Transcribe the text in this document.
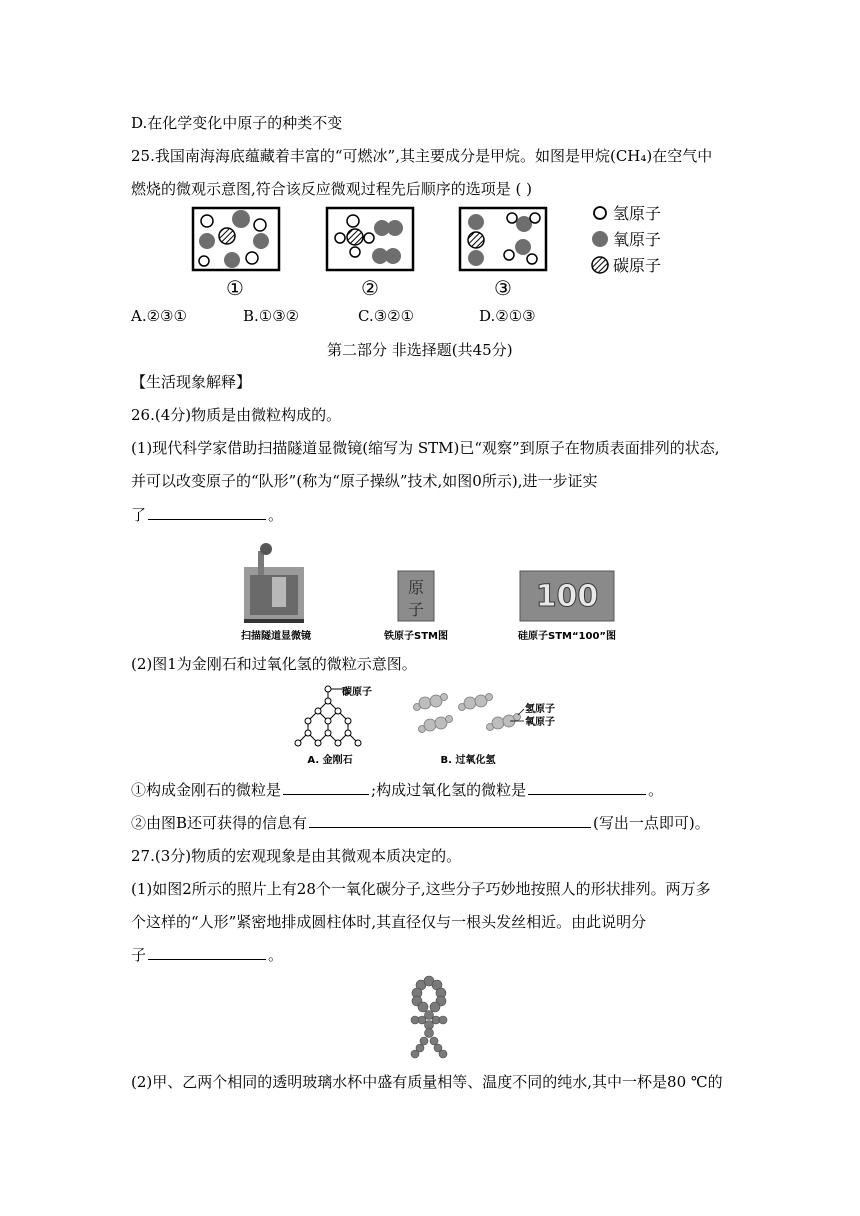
D.在化学变化中原子的种类不变
25.我国南海海底蕴藏着丰富的“可燃冰”,其主要成分是甲烷。如图是甲烷(CH₄)在空气中
燃烧的微观示意图,符合该反应微观过程先后顺序的选项是 ( )
①	②	③
氢原子
氧原子
碳原子
A.②③①	B.①③②	C.③②①	D.②①③
第二部分 非选择题(共45分)
【生活现象解释】
26.(4分)物质是由微粒构成的。
(1)现代科学家借助扫描隧道显微镜(缩写为 STM)已“观察”到原子在物质表面排列的状态,
并可以改变原子的“队形”(称为“原子操纵”技术,如图0所示),进一步证实
了	。
扫描隧道显微镜
原
子
铁原子STM图
100
硅原子STM“100”图
(2)图1为金刚石和过氧化氢的微粒示意图。
碳原子
A. 金刚石
氢原子
氧原子
B. 过氧化氢
①构成金刚石的微粒是	;构成过氧化氢的微粒是	。
②由图B还可获得的信息有	(写出一点即可)。
27.(3分)物质的宏观现象是由其微观本质决定的。
(1)如图2所示的照片上有28个一氧化碳分子,这些分子巧妙地按照人的形状排列。两万多
个这样的“人形”紧密地排成圆柱体时,其直径仅与一根头发丝相近。由此说明分
子	。
(2)甲、乙两个相同的透明玻璃水杯中盛有质量相等、温度不同的纯水,其中一杯是80 ℃的
